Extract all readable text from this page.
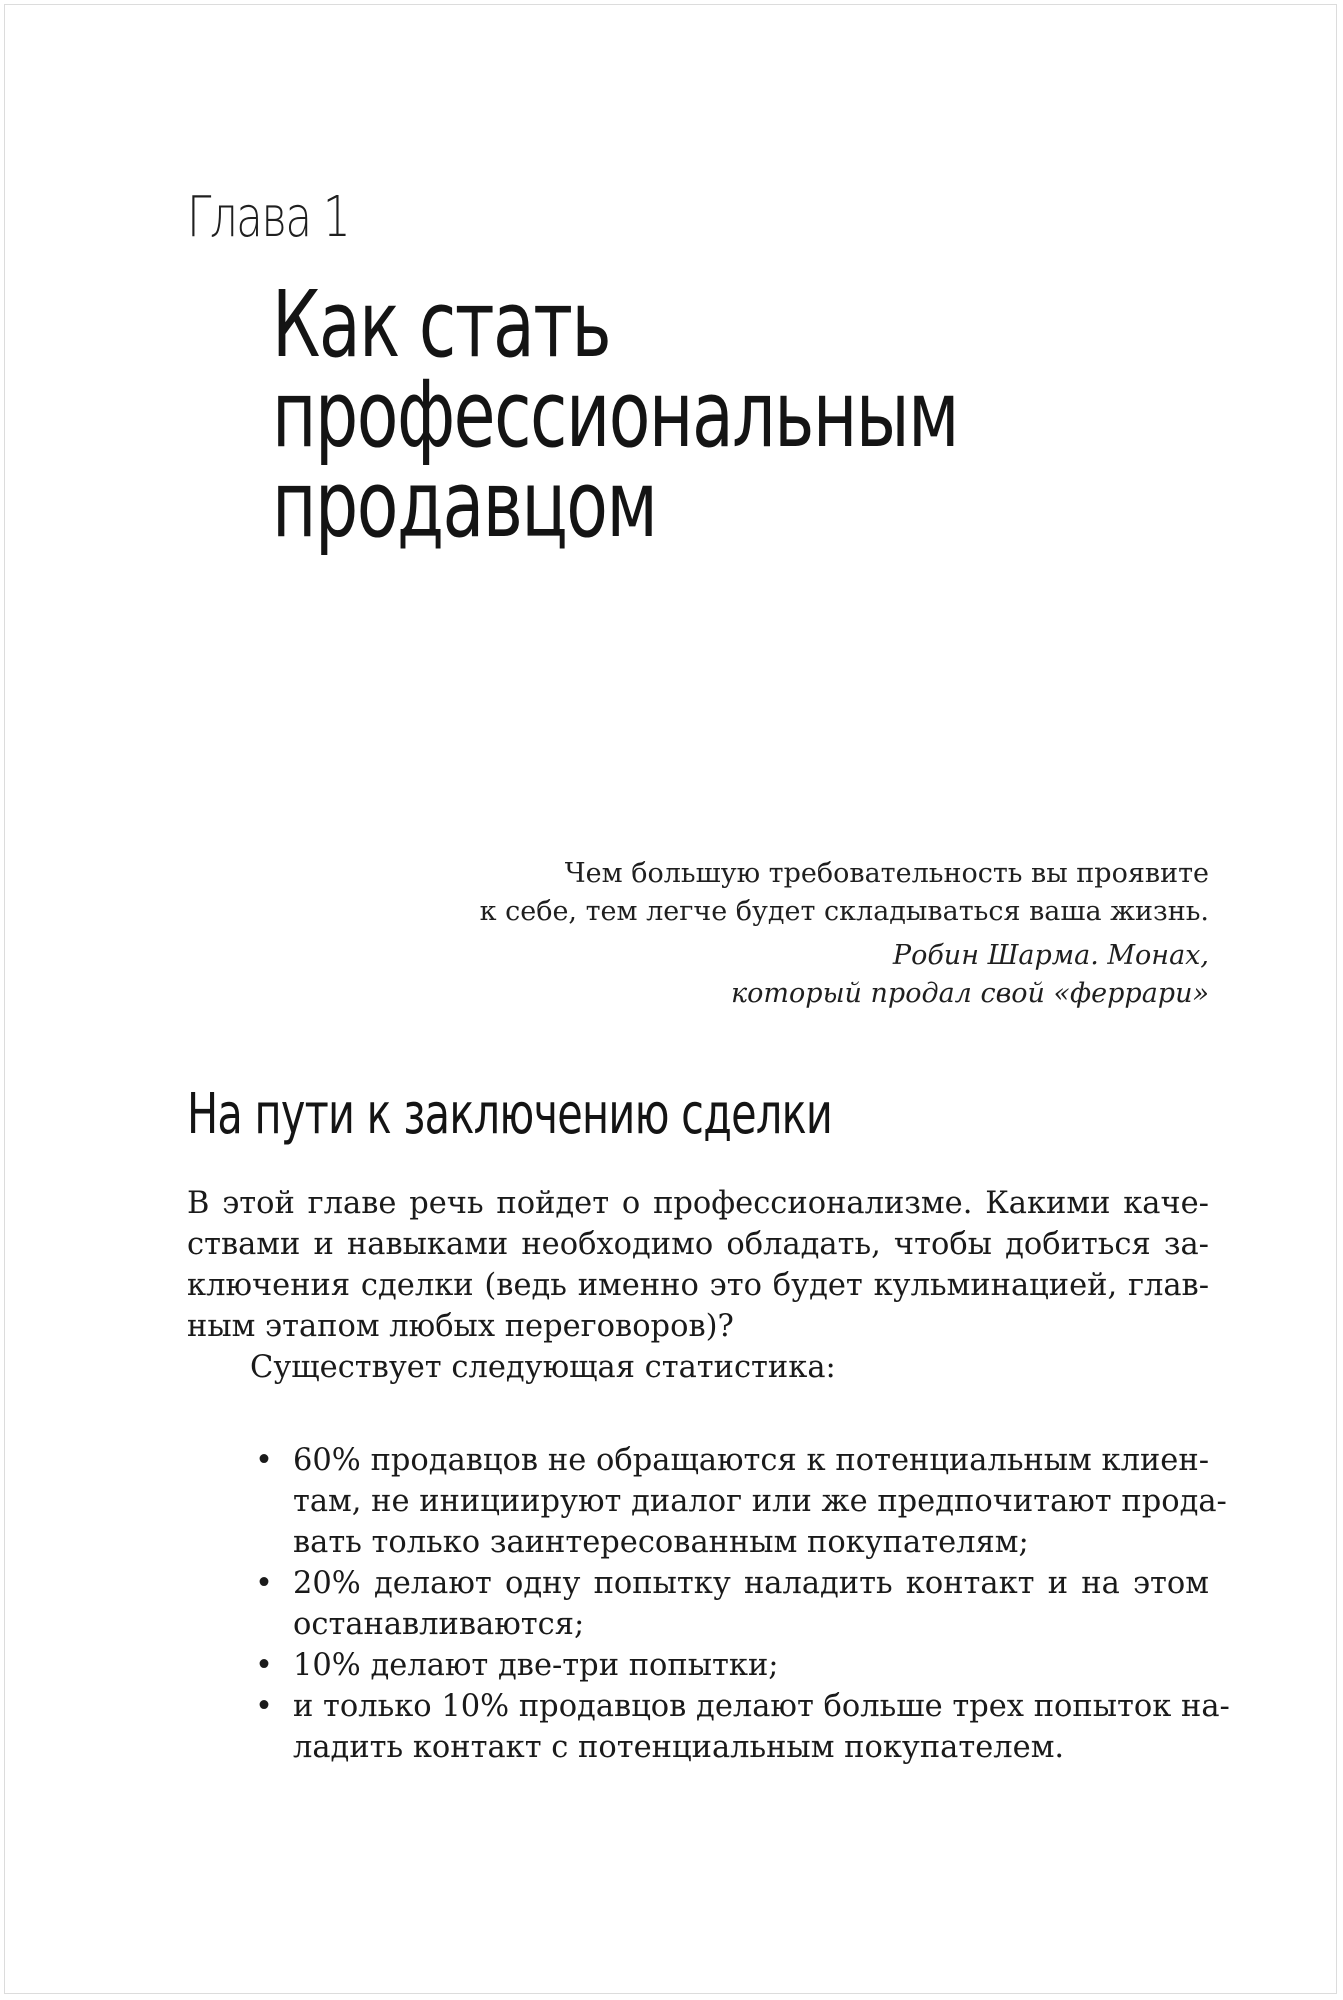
Глава 1
Как стать
профессиональным
продавцом
Чем большую требовательность вы проявите
к себе, тем легче будет складываться ваша жизнь.
Робин Шарма. Монах,
который продал свой «феррари»
На пути к заключению сделки
В этой главе речь пойдет о профессионализме. Какими каче-
ствами и навыками необходимо обладать, чтобы добиться за-
ключения сделки (ведь именно это будет кульминацией, глав-
ным этапом любых переговоров)?

Существует следующая статистика:

• 60% продавцов не обращаются к потенциальным клиен-
там, не инициируют диалог или же предпочитают прода-
вать только заинтересованным покупателям;
• 20% делают одну попытку наладить контакт и на этом
останавливаются;
• 10% делают две-три попытки;
• и только 10% продавцов делают больше трех попыток на-
ладить контакт с потенциальным покупателем.
